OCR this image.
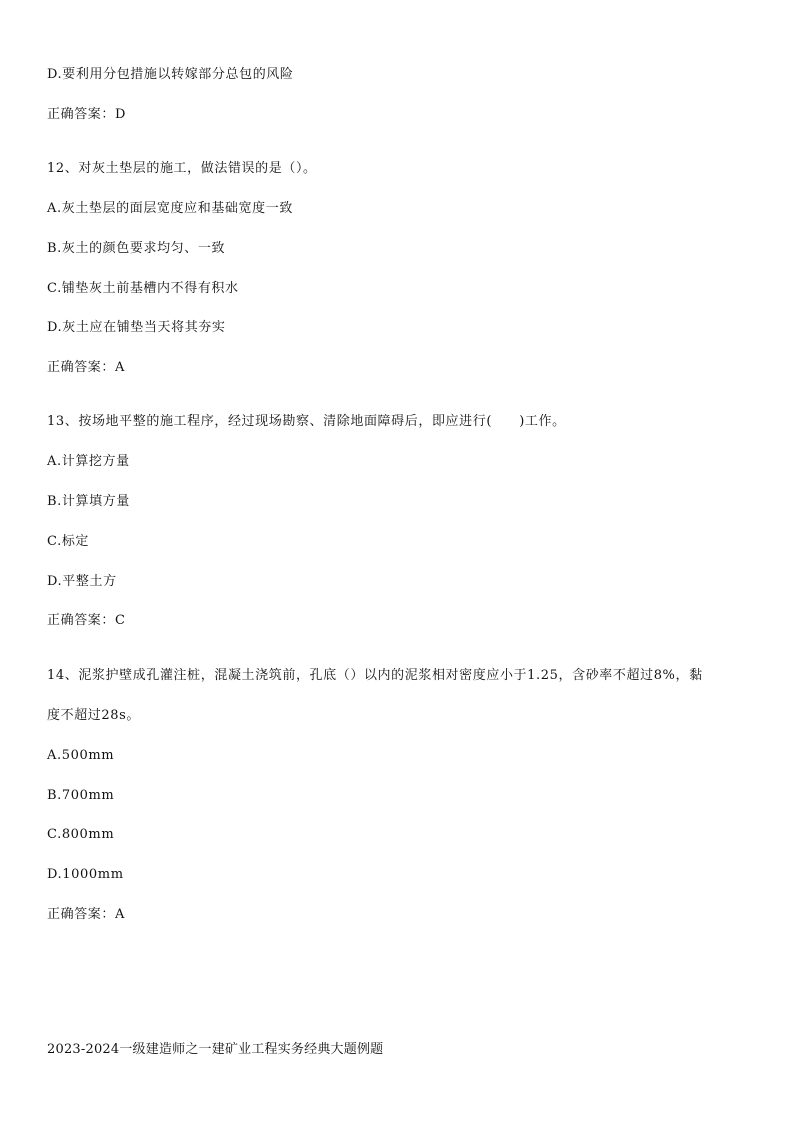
D.要利用分包措施以转嫁部分总包的风险
正确答案：D
12、对灰土垫层的施工，做法错误的是（）。
A.灰土垫层的面层宽度应和基础宽度一致
B.灰土的颜色要求均匀、一致
C.铺垫灰土前基槽内不得有积水
D.灰土应在铺垫当天将其夯实
正确答案：A
13、按场地平整的施工程序，经过现场勘察、清除地面障碍后，即应进行(　　)工作。
A.计算挖方量
B.计算填方量
C.标定
D.平整土方
正确答案：C
14、泥浆护壁成孔灌注桩，混凝土浇筑前，孔底（）以内的泥浆相对密度应小于1.25，含砂率不超过8%，黏
度不超过28s。
A.500mm
B.700mm
C.800mm
D.1000mm
正确答案：A
2023-2024一级建造师之一建矿业工程实务经典大题例题
